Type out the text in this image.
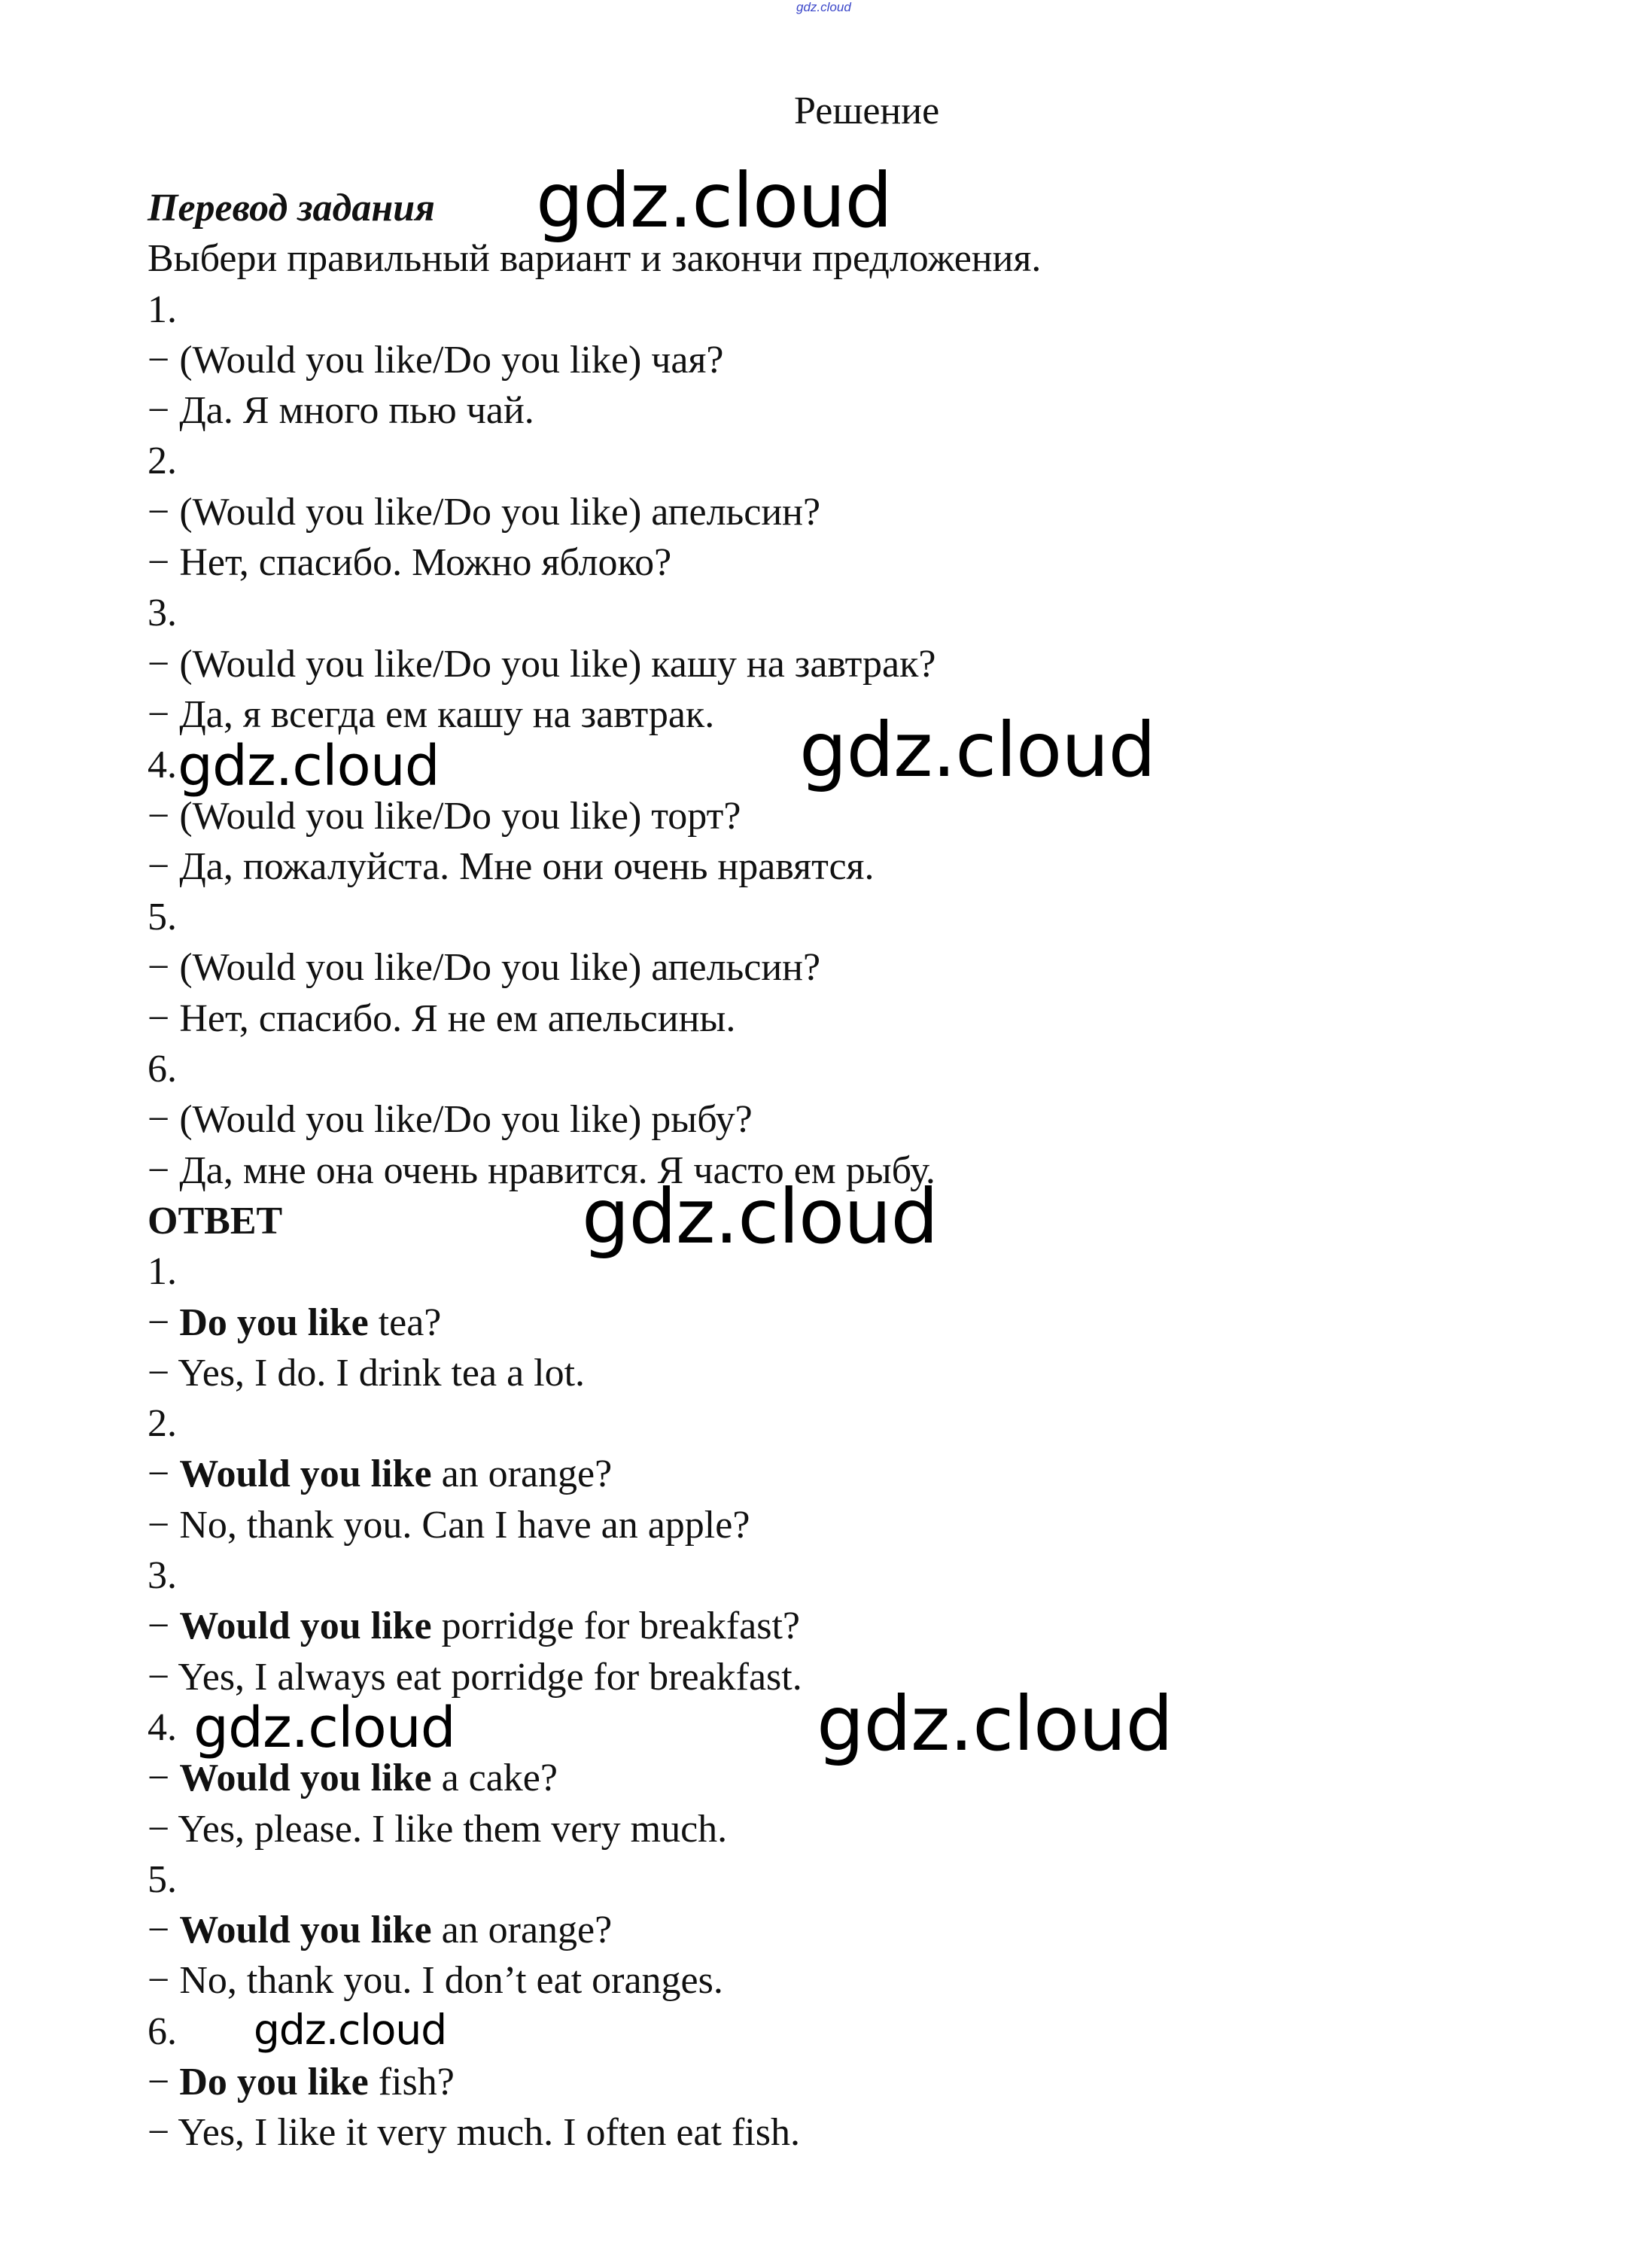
gdz.cloud
Решение
Перевод задания
Выбери правильный вариант и закончи предложения.
1.
− (Would you like/Do you like) чая?
− Да. Я много пью чай.
2.
− (Would you like/Do you like) апельсин?
− Нет, спасибо. Можно яблоко?
3.
− (Would you like/Do you like) кашу на завтрак?
− Да, я всегда ем кашу на завтрак.
4.
− (Would you like/Do you like) торт?
− Да, пожалуйста. Мне они очень нравятся.
5.
− (Would you like/Do you like) апельсин?
− Нет, спасибо. Я не ем апельсины.
6.
− (Would you like/Do you like) рыбу?
− Да, мне она очень нравится. Я часто ем рыбу.
ОТВЕТ
1.
− Do you like tea?
− Yes, I do. I drink tea a lot.
2.
− Would you like an orange?
− No, thank you. Can I have an apple?
3.
− Would you like porridge for breakfast?
− Yes, I always eat porridge for breakfast.
4.
− Would you like a cake?
− Yes, please. I like them very much.
5.
− Would you like an orange?
− No, thank you. I don’t eat oranges.
6.
− Do you like fish?
− Yes, I like it very much. I often eat fish.
gdz.cloud
gdz.cloud
gdz.cloud
gdz.cloud
gdz.cloud
gdz.cloud
gdz.cloud
